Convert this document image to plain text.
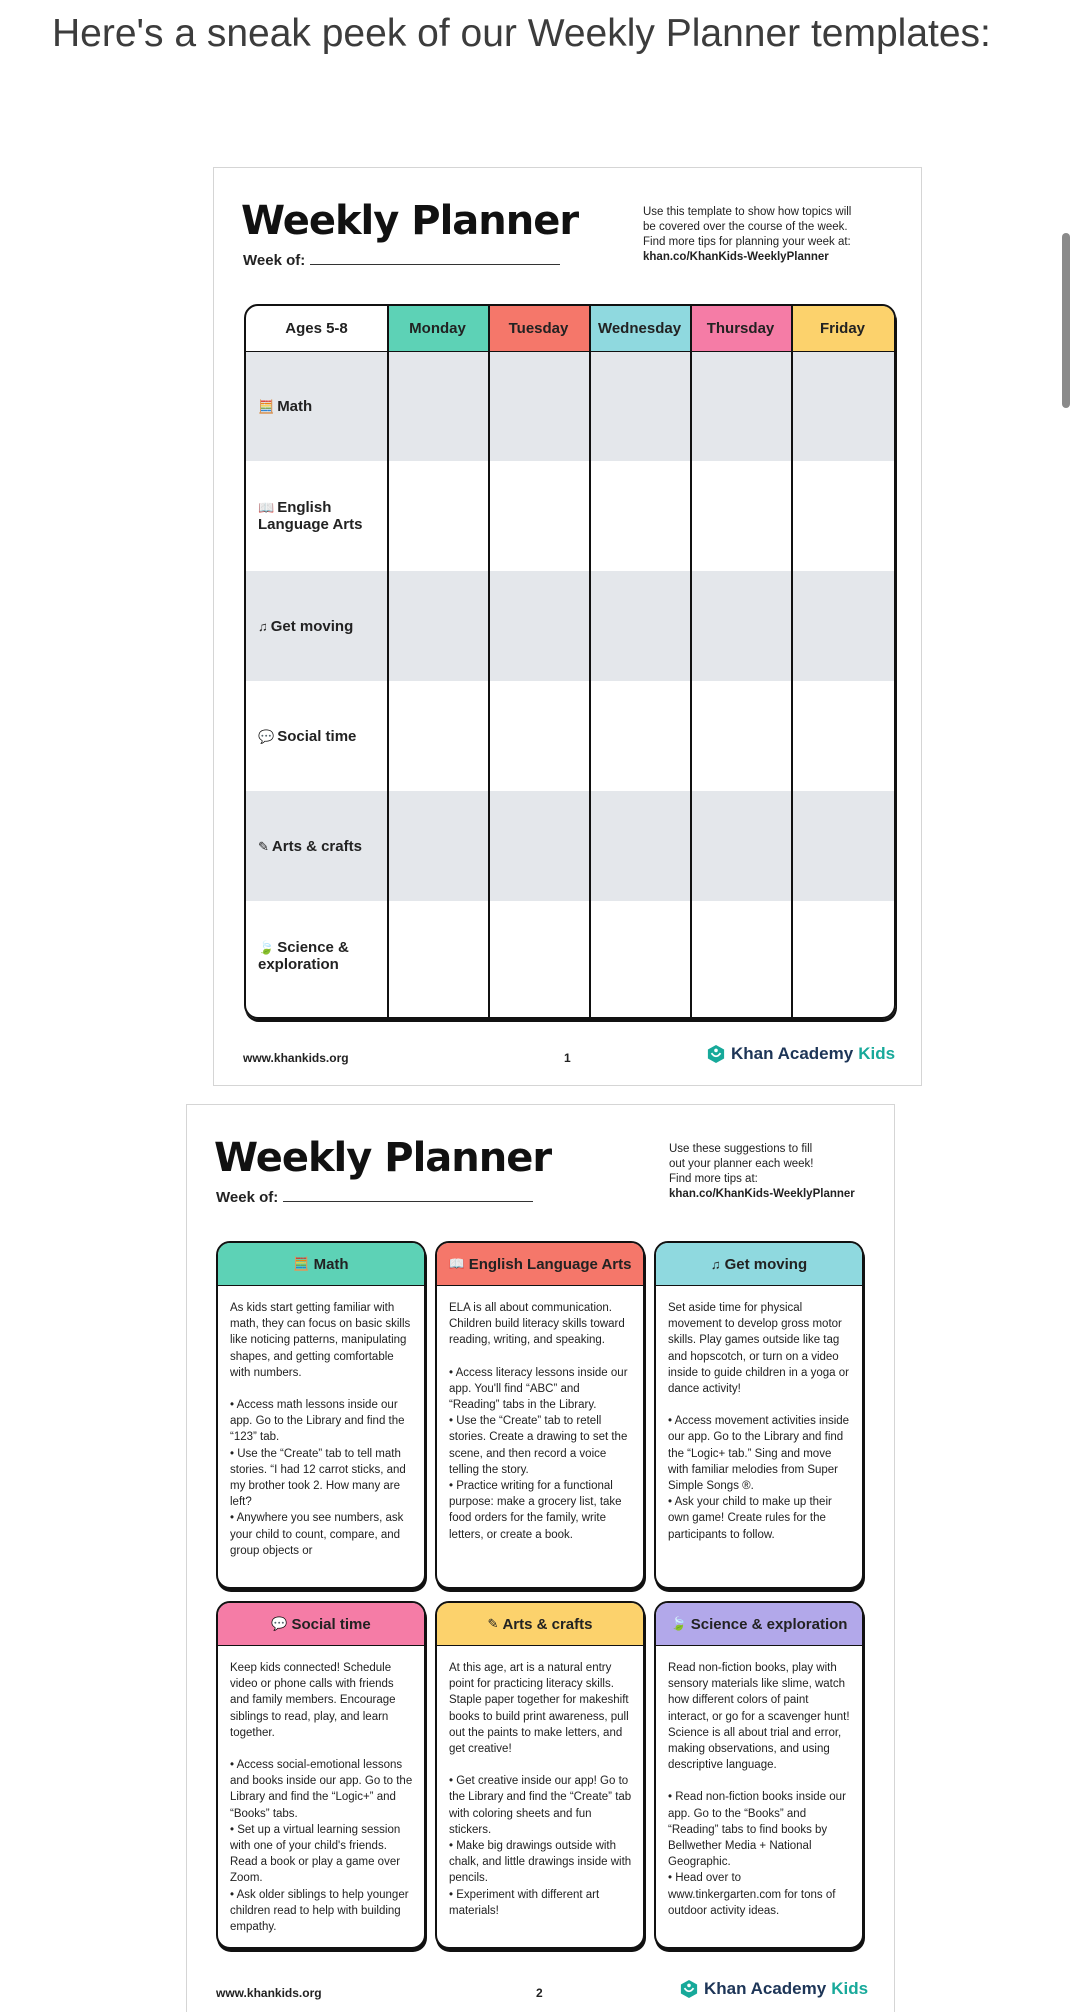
Here's a sneak peek of our Weekly Planner templates:
Weekly Planner
Week of:
Use this template to show how topics will
be covered over the course of the week.
Find more tips for planning your week at:
khan.co/KhanKids-WeeklyPlanner
Ages 5-8	Monday	Tuesday	Wednesday	Thursday	Friday
🧮 Math
📖 English Language Arts
♫ Get moving
💬 Social time
✎ Arts & crafts
🍃 Science & exploration
www.khankids.org	1	Khan Academy Kids
Weekly Planner
Week of:
Use these suggestions to fill
out your planner each week!
Find more tips at:
khan.co/KhanKids-WeeklyPlanner
🧮 Math

As kids start getting familiar with math, they can focus on basic skills like noticing patterns, manipulating shapes, and getting comfortable with numbers.

• Access math lessons inside our app. Go to the Library and find the “123” tab.

• Use the “Create” tab to tell math stories. “I had 12 carrot sticks, and my brother took 2. How many are left?

• Anywhere you see numbers, ask your child to count, compare, and group objects or

📖 English Language Arts

ELA is all about communication. Children build literacy skills toward reading, writing, and speaking.

• Access literacy lessons inside our app. You'll find “ABC” and “Reading” tabs in the Library.

• Use the “Create” tab to retell stories. Create a drawing to set the scene, and then record a voice telling the story.

• Practice writing for a functional purpose: make a grocery list, take food orders for the family, write letters, or create a book.

♫ Get moving

Set aside time for physical movement to develop gross motor skills. Play games outside like tag and hopscotch, or turn on a video inside to guide children in a yoga or dance activity!

• Access movement activities inside our app. Go to the Library and find the “Logic+ tab.” Sing and move with familiar melodies from Super Simple Songs ®.

• Ask your child to make up their own game! Create rules for the participants to follow.

💬 Social time

Keep kids connected! Schedule video or phone calls with friends and family members. Encourage siblings to read, play, and learn together.

• Access social-emotional lessons and books inside our app. Go to the Library and find the “Logic+” and “Books” tabs.

• Set up a virtual learning session with one of your child's friends. Read a book or play a game over Zoom.

• Ask older siblings to help younger children read to help with building empathy.

✎ Arts & crafts

At this age, art is a natural entry point for practicing literacy skills. Staple paper together for makeshift books to build print awareness, pull out the paints to make letters, and get creative!

• Get creative inside our app! Go to the Library and find the “Create” tab with coloring sheets and fun stickers.

• Make big drawings outside with chalk, and little drawings inside with pencils.

• Experiment with different art materials!

🍃 Science & exploration

Read non-fiction books, play with sensory materials like slime, watch how different colors of paint interact, or go for a scavenger hunt! Science is all about trial and error, making observations, and using descriptive language.

• Read non-fiction books inside our app. Go to the “Books” and “Reading” tabs to find books by Bellwether Media + National Geographic.

• Head over to www.tinkergarten.com for tons of outdoor activity ideas.

www.khankids.org	2	Khan Academy Kids
